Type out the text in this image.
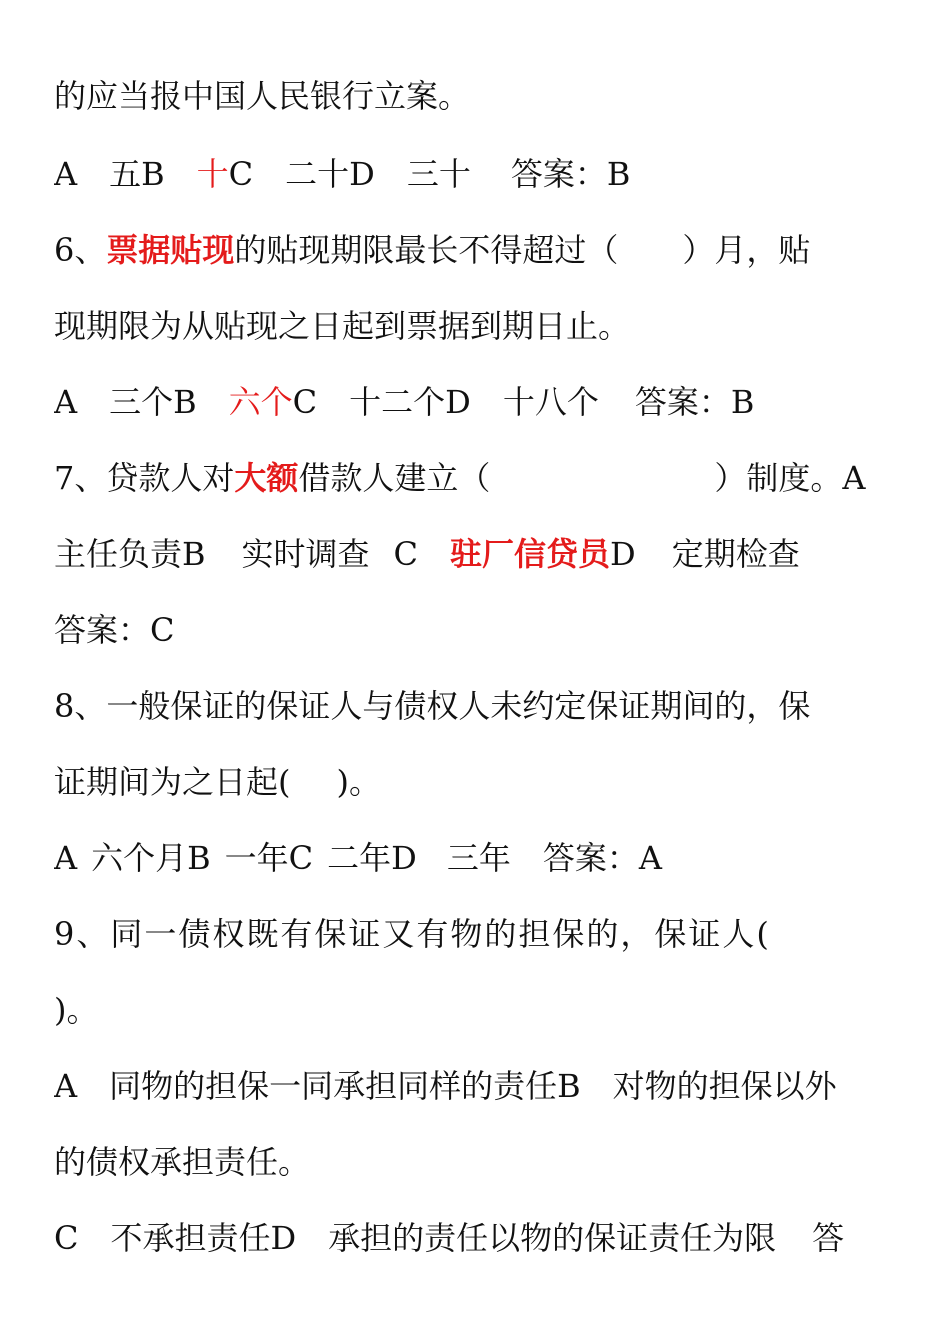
的应当报中国人民银行立案。
A 五B 十C 二十D 三十 答案：B
6、票据贴现的贴现期限最长不得超过（ ）月，贴
现期限为从贴现之日起到票据到期日止。
A 三个B 六个C 十二个D 十八个 答案：B
7、贷款人对大额借款人建立（	）制度。A
主任负责B 实时调查 C 驻厂信贷员D 定期检查
答案：C
8、一般保证的保证人与债权人未约定保证期间的，保
证期间为之日起( )。
A 六个月B 一年C 二年D 三年 答案：A
9、同一债权既有保证又有物的担保的，保证人(
)。
A 同物的担保一同承担同样的责任B 对物的担保以外
的债权承担责任。
C 不承担责任D 承担的责任以物的保证责任为限 答
